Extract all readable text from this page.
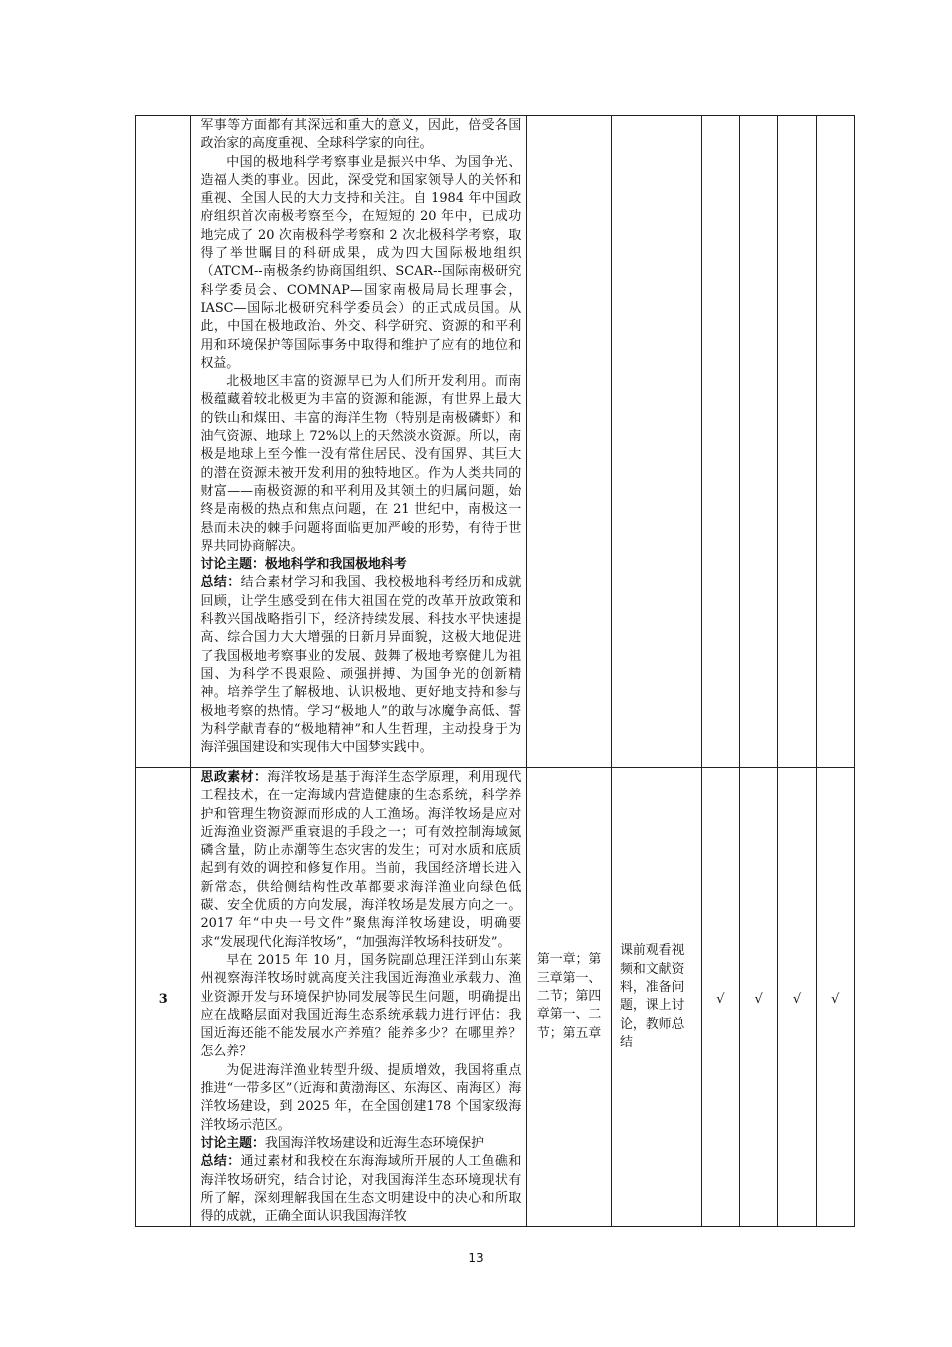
	军事等方面都有其深远和重大的意义，因此，倍受各国政治家的高度重视、全球科学家的向往。

中国的极地科学考察事业是振兴中华、为国争光、造福人类的事业。因此，深受党和国家领导人的关怀和重视、全国人民的大力支持和关注。自 1984 年中国政府组织首次南极考察至今，在短短的 20 年中，已成功地完成了 20 次南极科学考察和 2 次北极科学考察，取得了举世瞩目的科研成果，成为四大国际极地组织（ATCM--南极条约协商国组织、SCAR--国际南极研究科学委员会、COMNAP—国家南极局局长理事会，IASC—国际北极研究科学委员会）的正式成员国。从此，中国在极地政治、外交、科学研究、资源的和平利用和环境保护等国际事务中取得和维护了应有的地位和权益。

北极地区丰富的资源早已为人们所开发利用。而南极蕴藏着较北极更为丰富的资源和能源，有世界上最大的铁山和煤田、丰富的海洋生物（特别是南极磷虾）和油气资源、地球上 72%以上的天然淡水资源。所以，南极是地球上至今惟一没有常住居民、没有国界、其巨大的潜在资源未被开发利用的独特地区。作为人类共同的财富——南极资源的和平利用及其领土的归属问题，始终是南极的热点和焦点问题，在 21 世纪中，南极这一悬而未决的棘手问题将面临更加严峻的形势，有待于世界共同协商解决。

讨论主题：极地科学和我国极地科考

总结：结合素材学习和我国、我校极地科考经历和成就回顾，让学生感受到在伟大祖国在党的改革开放政策和科教兴国战略指引下，经济持续发展、科技水平快速提高、综合国力大大增强的日新月异面貌，这极大地促进了我国极地考察事业的发展、鼓舞了极地考察健儿为祖国、为科学不畏艰险、顽强拼搏、为国争光的创新精神。培养学生了解极地、认识极地、更好地支持和参与极地考察的热情。学习“极地人”的敢与冰魔争高低、誓为科学献青春的“极地精神”和人生哲理，主动投身于为海洋强国建设和实现伟大中国梦实践中。						

3	思政素材：海洋牧场是基于海洋生态学原理，利用现代工程技术，在一定海域内营造健康的生态系统，科学养护和管理生物资源而形成的人工渔场。海洋牧场是应对近海渔业资源严重衰退的手段之一；可有效控制海域氮磷含量，防止赤潮等生态灾害的发生；可对水质和底质起到有效的调控和修复作用。当前，我国经济增长进入新常态，供给侧结构性改革都要求海洋渔业向绿色低碳、安全优质的方向发展，海洋牧场是发展方向之一。2017 年“中央一号文件”聚焦海洋牧场建设，明确要求“发展现代化海洋牧场”，“加强海洋牧场科技研发”。

早在 2015 年 10 月，国务院副总理汪洋到山东莱州视察海洋牧场时就高度关注我国近海渔业承载力、渔业资源开发与环境保护协同发展等民生问题，明确提出应在战略层面对我国近海生态系统承载力进行评估：我国近海还能不能发展水产养殖？能养多少？在哪里养？怎么养？

为促进海洋渔业转型升级、提质增效，我国将重点推进“一带多区”（近海和黄渤海区、东海区、南海区）海洋牧场建设，到 2025 年，在全国创建178 个国家级海洋牧场示范区。

讨论主题：我国海洋牧场建设和近海生态环境保护

总结：通过素材和我校在东海海域所开展的人工鱼礁和海洋牧场研究，结合讨论，对我国海洋生态环境现状有所了解，深刻理解我国在生态文明建设中的决心和所取得的成就，正确全面认识我国海洋牧	第一章；第三章第一、二节；第四章第一、二节；第五章	课前观看视频和文献资料，准备问题，课上讨论，教师总结	√	√	√	√
13
